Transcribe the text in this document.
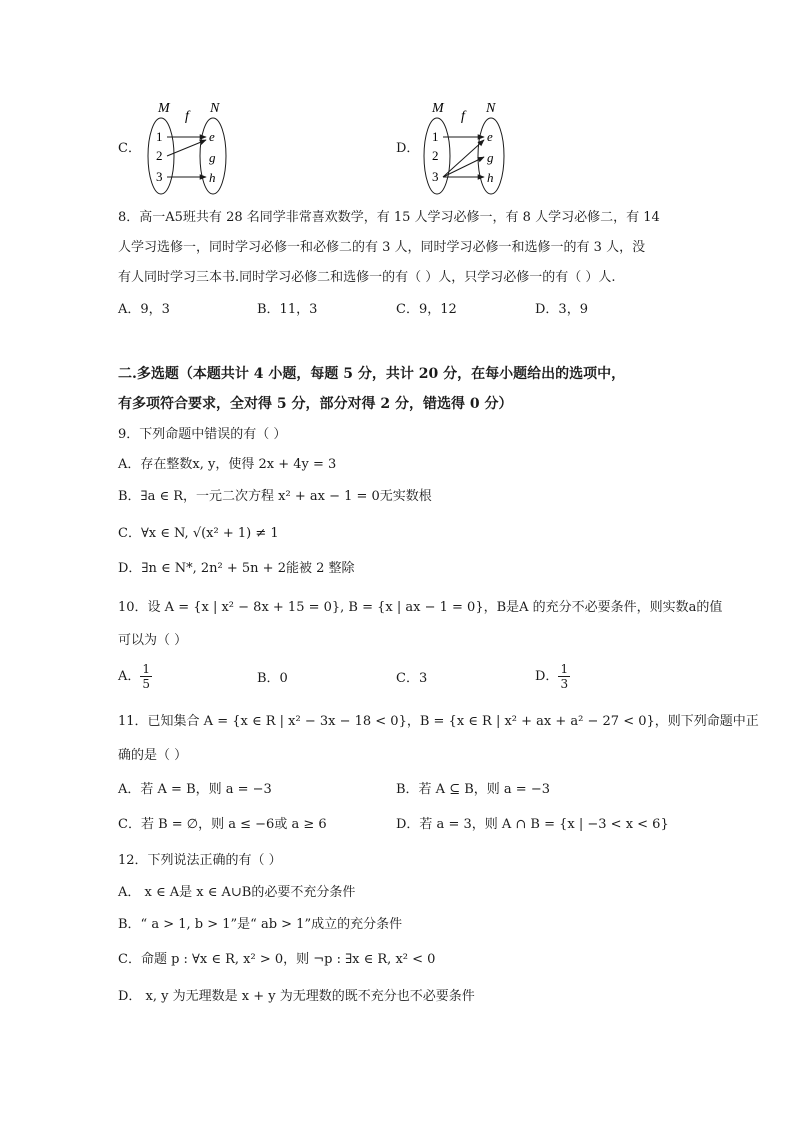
C．
M
f
N
1
2
3
e
g
h
D．
M
f
N
1
2
3
e
g
h
8．高一A5班共有 28 名同学非常喜欢数学，有 15 人学习必修一，有 8 人学习必修二，有 14
人学习选修一，同时学习必修一和必修二的有 3 人，同时学习必修一和选修一的有 3 人，没
有人同时学习三本书.同时学习必修二和选修一的有（ ）人，只学习必修一的有（ ）人.
A．9，3	B．11，3	C．9，12	D．3，9
二.多选题（本题共计 4 小题，每题 5 分，共计 20 分，在每小题给出的选项中，
有多项符合要求，全对得 5 分，部分对得 2 分，错选得 0 分）
9．下列命题中错误的有（ ）
A．存在整数x, y，使得 2x + 4y = 3
B．∃a ∈ R，一元二次方程 x² + ax − 1 = 0无实数根
C．∀x ∈ N, √(x² + 1) ≠ 1
D．∃n ∈ N*, 2n² + 5n + 2能被 2 整除
10．设 A = {x | x² − 8x + 15 = 0}, B = {x | ax − 1 = 0}，B是A 的充分不必要条件，则实数a的值
可以为（ ）
A． $\frac{1}{5}$	B．0	C．3	D． $\frac{1}{3}$
11．已知集合 A = {x ∈ R | x² − 3x − 18 < 0}，B = {x ∈ R | x² + ax + a² − 27 < 0}，则下列命题中正
确的是（ ）
A．若 A = B，则 a = −3	B．若 A ⊆ B，则 a = −3
C．若 B = ∅，则 a ≤ −6或 a ≥ 6	D．若 a = 3，则 A ∩ B = {x | −3 < x < 6}
12．下列说法正确的有（ ）
A． x ∈ A是 x ∈ A∪B的必要不充分条件
B．“ a > 1, b > 1”是“ ab > 1”成立的充分条件
C．命题 p : ∀x ∈ R, x² > 0，则 ¬p : ∃x ∈ R, x² < 0
D． x, y 为无理数是 x + y 为无理数的既不充分也不必要条件
